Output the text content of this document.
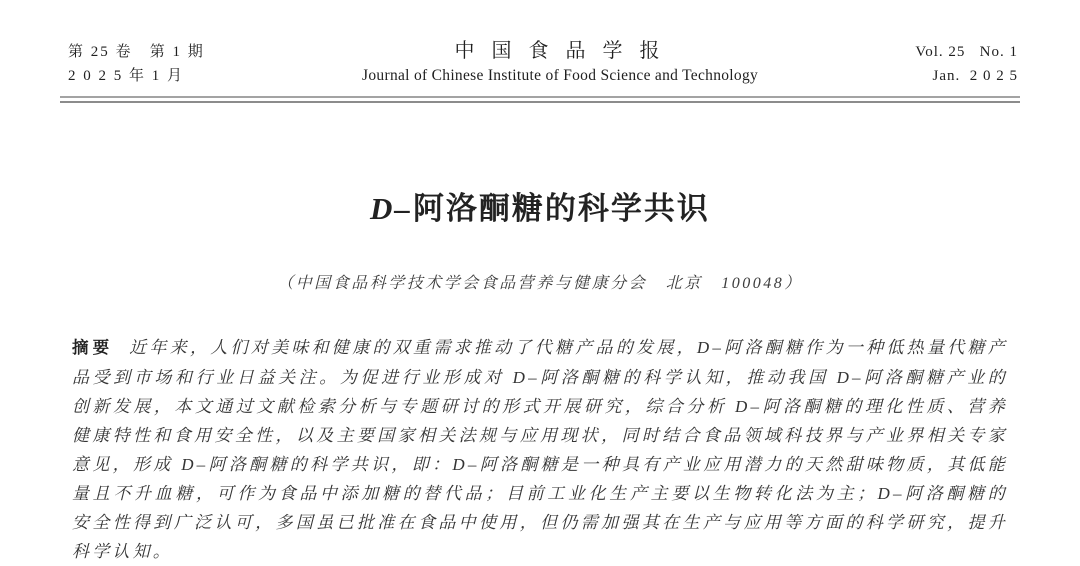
第 25 卷   第 1 期
2 0 2 5 年 1 月
中 国 食 品 学 报
Journal of Chinese Institute of Food Science and Technology
Vol. 25   No. 1
Jan.  2 0 2 5
D–阿洛酮糖的科学共识

（中国食品科学技术学会食品营养与健康分会　北京　100048）

摘要 近年来，人们对美味和健康的双重需求推动了代糖产品的发展，D–阿洛酮糖作为一种低热量代糖产品受到市场和行业日益关注。为促进行业形成对 D–阿洛酮糖的科学认知，推动我国 D–阿洛酮糖产业的创新发展，本文通过文献检索分析与专题研讨的形式开展研究，综合分析 D–阿洛酮糖的理化性质、营养健康特性和食用安全性，以及主要国家相关法规与应用现状，同时结合食品领域科技界与产业界相关专家意见，形成 D–阿洛酮糖的科学共识，即：D–阿洛酮糖是一种具有产业应用潜力的天然甜味物质，其低能量且不升血糖，可作为食品中添加糖的替代品；目前工业化生产主要以生物转化法为主；D–阿洛酮糖的安全性得到广泛认可，多国虽已批准在食品中使用，但仍需加强其在生产与应用等方面的科学研究，提升科学认知。
